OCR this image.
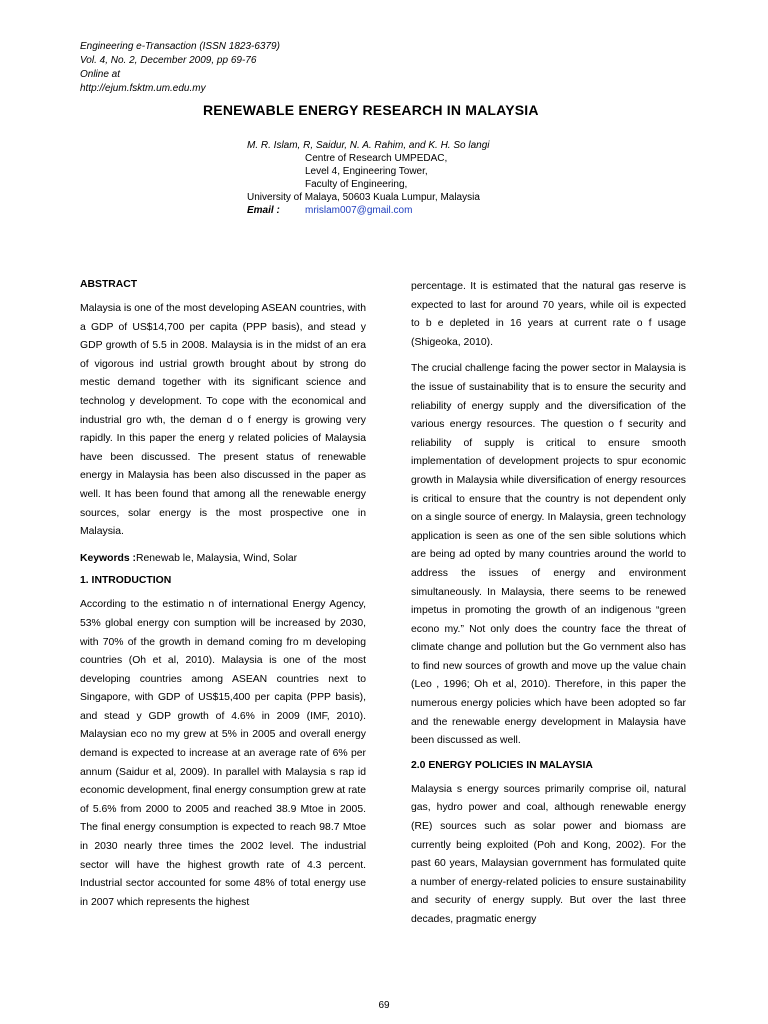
Engineering e-Transaction (ISSN 1823-6379)
Vol. 4, No. 2, December 2009, pp 69-76
Online at
http://ejum.fsktm.um.edu.my
RENEWABLE ENERGY RESEARCH IN MALAYSIA
M. R. Islam, R, Saidur, N. A. Rahim, and K. H. So langi
Centre of Research UMPEDAC,
Level 4, Engineering Tower,
Faculty of Engineering,
University of Malaya, 50603 Kuala Lumpur, Malaysia
Email :	mrislam007@gmail.com
ABSTRACT

Malaysia is one of the most developing ASEAN countries, with a GDP of US$14,700 per capita (PPP basis), and stead y GDP growth of 5.5 in 2008. Malaysia is in the midst of an era of vigorous ind ustrial growth brought about by strong do mestic demand together with its significant science and technolog y development. To cope with the economical and industrial gro wth, the deman d o f energy is growing very rapidly. In this paper the energ y related policies of Malaysia have been discussed. The present status of renewable energy in Malaysia has been also discussed in the paper as well. It has been found that among all the renewable energy sources, solar energy is the most prospective one in Malaysia.

Keywords : Renewab le, Malaysia, Wind, Solar
1. INTRODUCTION

According to the estimatio n of international Energy Agency, 53% global energy con sumption will be increased by 2030, with 70% of the growth in demand coming fro m developing countries (Oh et al, 2010). Malaysia is one of the most developing countries among ASEAN countries next to Singapore, with GDP of US$15,400 per capita (PPP basis), and stead y GDP growth of 4.6% in 2009 (IMF, 2010). Malaysian eco no my grew at 5% in 2005 and overall energy demand is expected to increase at an average rate of 6% per annum (Saidur et al, 2009). In parallel with Malaysia s rap id economic development, final energy consumption grew at rate of 5.6% from 2000 to 2005 and reached 38.9 Mtoe in 2005. The final energy consumption is expected to reach 98.7 Mtoe in 2030 nearly three times the 2002 level. The industrial sector will have the highest growth rate of 4.3 percent. Industrial sector accounted for some 48% of total energy use in 2007 which represents the highest

percentage. It is estimated that the natural gas reserve is expected to last for around 70 years, while oil is expected to b e depleted in 16 years at current rate o f usage (Shigeoka, 2010).

The crucial challenge facing the power sector in Malaysia is the issue of sustainability that is to ensure the security and reliability of energy supply and the diversification of the various energy resources. The question o f security and reliability of supply is critical to ensure smooth implementation of development projects to spur economic growth in Malaysia while diversification of energy resources is critical to ensure that the country is not dependent only on a single source of energy. In Malaysia, green technology application is seen as one of the sen sible solutions which are being ad opted by many countries around the world to address the issues of energy and environment simultaneously. In Malaysia, there seems to be renewed impetus in promoting the growth of an indigenous “green econo my.” Not only does the country face the threat of climate change and pollution but the Go vernment also has to find new sources of growth and move up the value chain (Leo , 1996; Oh et al, 2010). Therefore, in this paper the numerous energy policies which have been adopted so far and the renewable energy development in Malaysia have been discussed as well.

2.0 ENERGY POLICIES IN MALAYSIA

Malaysia s energy sources primarily comprise oil, natural gas, hydro power and coal, although renewable energy (RE) sources such as solar power and biomass are currently being exploited (Poh and Kong, 2002). For the past 60 years, Malaysian government has formulated quite a number of energy-related policies to ensure sustainability and security of energy supply. But over the last three decades, pragmatic energy

69
